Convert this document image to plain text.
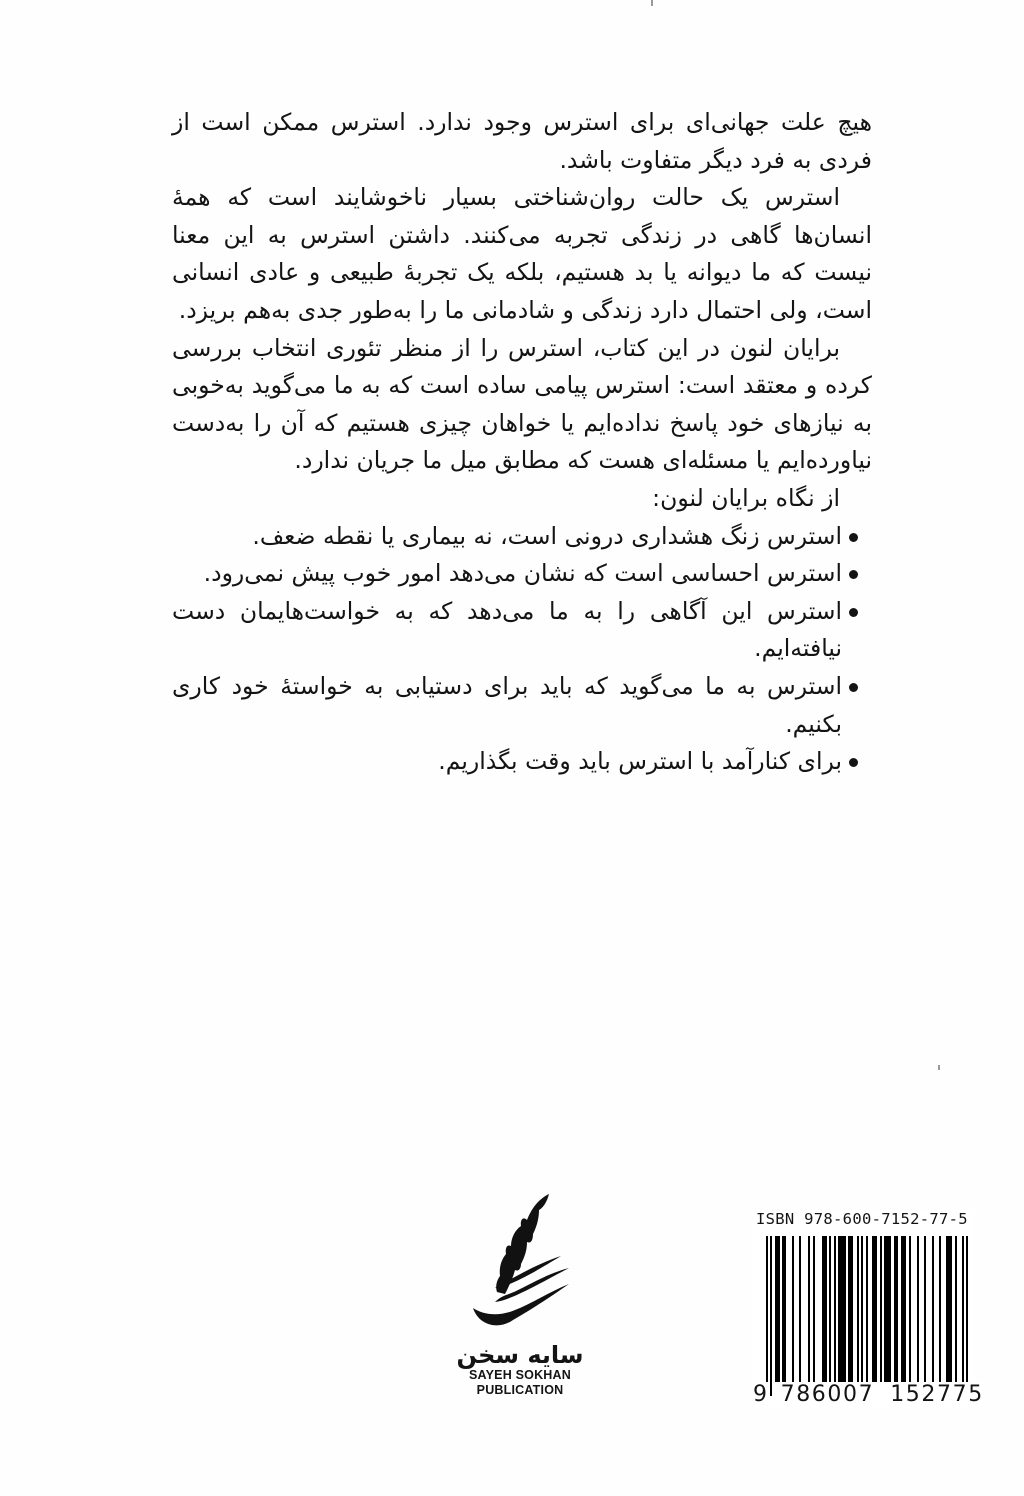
هیچ علت جهانی‌ای برای استرس وجود ندارد. استرس ممکن است از فردی به فرد دیگر متفاوت باشد.

استرس یک حالت روان‌شناختی بسیار ناخوشایند است که همهٔ انسان‌ها گاهی در زندگی تجربه می‌کنند. داشتن استرس به این معنا نیست که ما دیوانه یا بد هستیم، بلکه یک تجربهٔ طبیعی و عادی انسانی است، ولی احتمال دارد زندگی و شادمانی ما را به‌طور جدی به‌هم بریزد.

برایان لنون در این کتاب، استرس را از منظر تئوری انتخاب بررسی کرده و معتقد است: استرس پیامی ساده است که به ما می‌گوید به‌خوبی به نیازهای خود پاسخ نداده‌ایم یا خواهان چیزی هستیم که آن را به‌دست نیاورده‌ایم یا مسئله‌ای هست که مطابق میل ما جریان ندارد.

از نگاه برایان لنون:

استرس زنگ هشداری درونی است، نه بیماری یا نقطه ضعف.
استرس احساسی است که نشان می‌دهد امور خوب پیش نمی‌رود.
استرس این آگاهی را به ما می‌دهد که به خواست‌هایمان دست نیافته‌ایم.
استرس به ما می‌گوید که باید برای دستیابی به خواستهٔ خود کاری بکنیم.
برای کنارآمد با استرس باید وقت بگذاریم.
سایه سخن
SAYEH SOKHAN
PUBLICATION
ISBN 978-600-7152-77-5
9 786007 152775
